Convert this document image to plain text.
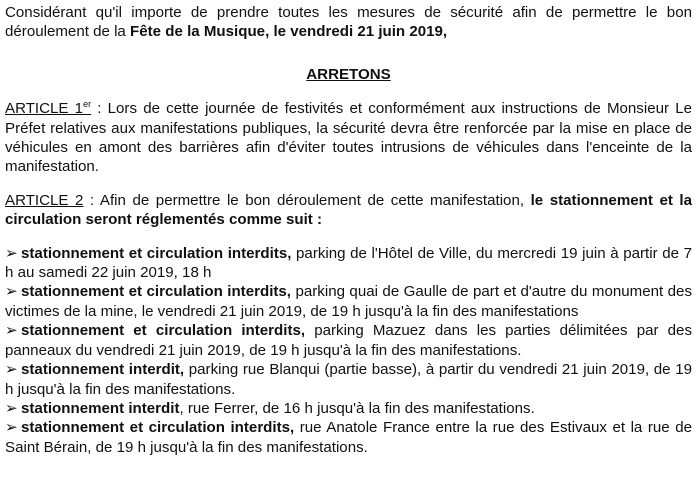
Considérant qu'il importe de prendre toutes les mesures de sécurité afin de permettre le bon déroulement de la Fête de la Musique, le vendredi 21 juin 2019,

ARRETONS

ARTICLE 1er : Lors de cette journée de festivités et conformément aux instructions de Monsieur Le Préfet relatives aux manifestations publiques, la sécurité devra être renforcée par la mise en place de véhicules en amont des barrières afin d'éviter toutes intrusions de véhicules dans l'enceinte de la manifestation.

ARTICLE 2 : Afin de permettre le bon déroulement de cette manifestation, le stationnement et la circulation seront réglementés comme suit :

➢ stationnement et circulation interdits, parking de l'Hôtel de Ville, du mercredi 19 juin à partir de 7 h au samedi 22 juin 2019, 18 h
➢ stationnement et circulation interdits, parking quai de Gaulle de part et d'autre du monument des victimes de la mine, le vendredi 21 juin 2019, de 19 h jusqu'à la fin des manifestations
➢ stationnement et circulation interdits, parking Mazuez dans les parties délimitées par des panneaux du vendredi 21 juin 2019, de 19 h jusqu'à la fin des manifestations.
➢ stationnement interdit, parking rue Blanqui (partie basse), à partir du vendredi 21 juin 2019, de 19 h jusqu'à la fin des manifestations.
➢ stationnement interdit, rue Ferrer, de 16 h jusqu'à la fin des manifestations.
➢ stationnement et circulation interdits, rue Anatole France entre la rue des Estivaux et la rue de Saint Bérain, de 19 h jusqu'à la fin des manifestations.
